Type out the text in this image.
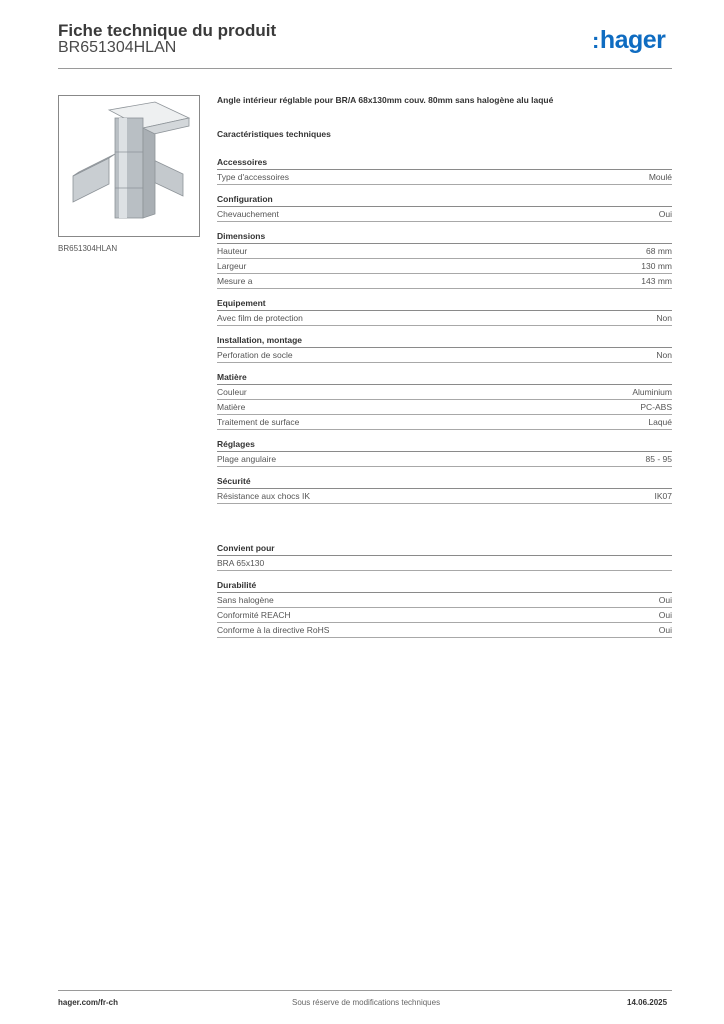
Fiche technique du produit
BR651304HLAN	:hager
BR651304HLAN
Angle intérieur réglable pour BR/A 68x130mm couv. 80mm sans halogène alu laqué
Caractéristiques techniques
Accessoires
Type d'accessoires	Moulé
Configuration
Chevauchement	Oui
Dimensions
Hauteur	68 mm
Largeur	130 mm
Mesure a	143 mm
Equipement
Avec film de protection	Non
Installation, montage
Perforation de socle	Non
Matière
Couleur	Aluminium
Matière	PC-ABS
Traitement de surface	Laqué
Réglages
Plage angulaire	85 - 95
Sécurité
Résistance aux chocs IK	IK07
Convient pour
BRA 65x130
Durabilité
Sans halogène	Oui
Conformité REACH	Oui
Conforme à la directive RoHS	Oui
hager.com/fr-ch	Sous réserve de modifications techniques	14.06.2025
